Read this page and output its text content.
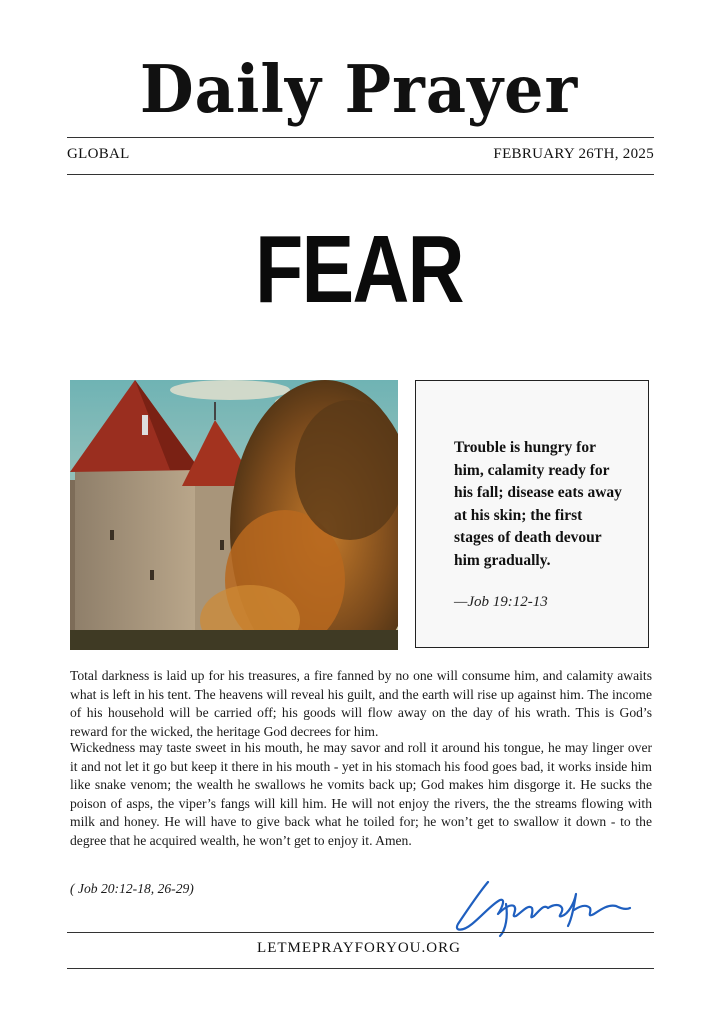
Daily Prayer
GLOBAL	FEBRUARY 26TH, 2025
FEAR
Trouble is hungry for him, calamity ready for his fall; disease eats away at his skin; the first stages of death devour him gradually.
—Job 19:12-13
Total darkness is laid up for his treasures, a fire fanned by no one will consume him, and calamity awaits what is left in his tent. The heavens will reveal his guilt, and the earth will rise up against him. The income of his household will be carried off; his goods will flow away on the day of his wrath. This is God’s reward for the wicked, the heritage God decrees for him.
Wickedness may taste sweet in his mouth, he may savor and roll it around his tongue, he may linger over it and not let it go but keep it there in his mouth - yet in his stomach his food goes bad, it works inside him like snake venom; the wealth he swallows he vomits back up; God makes him disgorge it. He sucks the poison of asps, the viper’s fangs will kill him. He will not enjoy the rivers, the the streams flowing with milk and honey. He will have to give back what he toiled for; he won’t get to swallow it down - to the degree that he acquired wealth, he won’t get to enjoy it. Amen.
( Job 20:12-18, 26-29)
LETMEPRAYFORYOU.ORG
